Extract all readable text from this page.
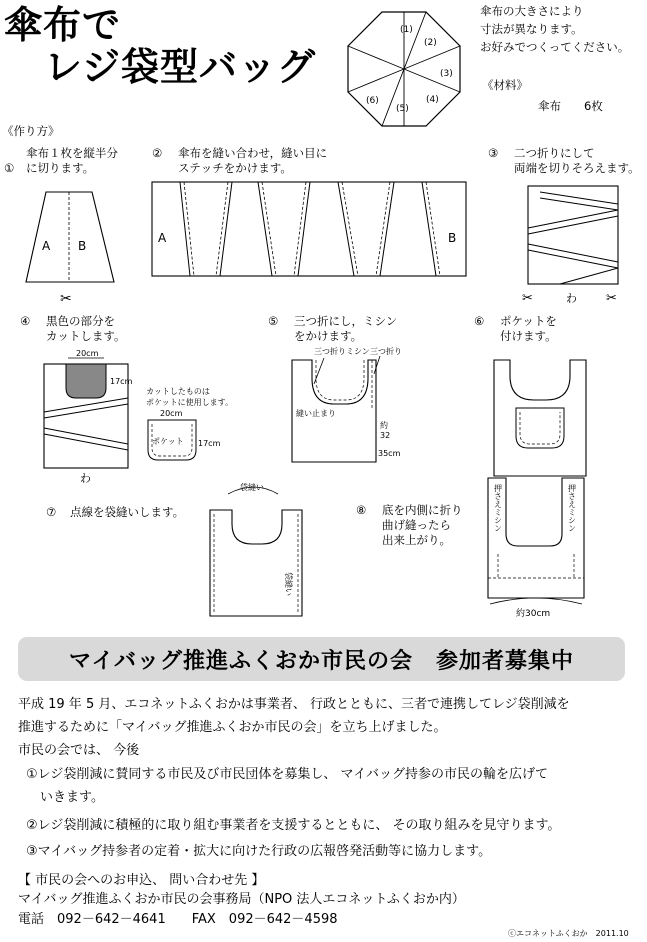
傘布で
レジ袋型バッグ
(1)
(2)
(3)
(4)
(5)
(6)
傘布の大きさにより
寸法が異なります。
お好みでつくってください。
《材料》
傘布　　6枚
《作り方》

①

傘布１枚を縦半分
に切ります。
② 傘布を縫い合わせ，縫い目に
ステッチをかけます。
③ 二つ折りにして
両端を切りそろえます。
④ 黒色の部分を
カットします。
⑤ 三つ折にし，ミシン
をかけます。
⑥ ポケットを
付けます。
⑦ 点線を袋縫いします。	⑧ 底を内側に折り
曲げ縫ったら
出来上がり。
A B
✂
A	B
✂	わ ✂
20cm
17cm
わ
カットしたものは
ポケットに使用します。
20cm
ポケット 17cm
三つ折りミシン 三つ折り
縫い止まり
約
32
35cm
袋縫い
袋縫い
押さえミシン	押さえミシン
約30cm
マイバッグ推進ふくおか市民の会　参加者募集中
平成 19 年 5 月、エコネットふくおかは事業者、 行政とともに、三者で連携してレジ袋削減を
推進するために「マイバッグ推進ふくおか市民の会」を立ち上げました。
市民の会では、 今後
①レジ袋削減に賛同する市民及び市民団体を募集し、 マイバッグ持参の市民の輪を広げて
いきます。
②レジ袋削減に積極的に取り組む事業者を支援するとともに、 その取り組みを見守ります。
③マイバッグ持参者の定着・拡大に向けた行政の広報啓発活動等に協力します。
【 市民の会へのお申込、 問い合わせ先 】
マイバッグ推進ふくおか市民の会事務局（NPO 法人エコネットふくおか内）
電話　092－642－4641　　FAX　092－642－4598
ⓒエコネットふくおか　2011.10
